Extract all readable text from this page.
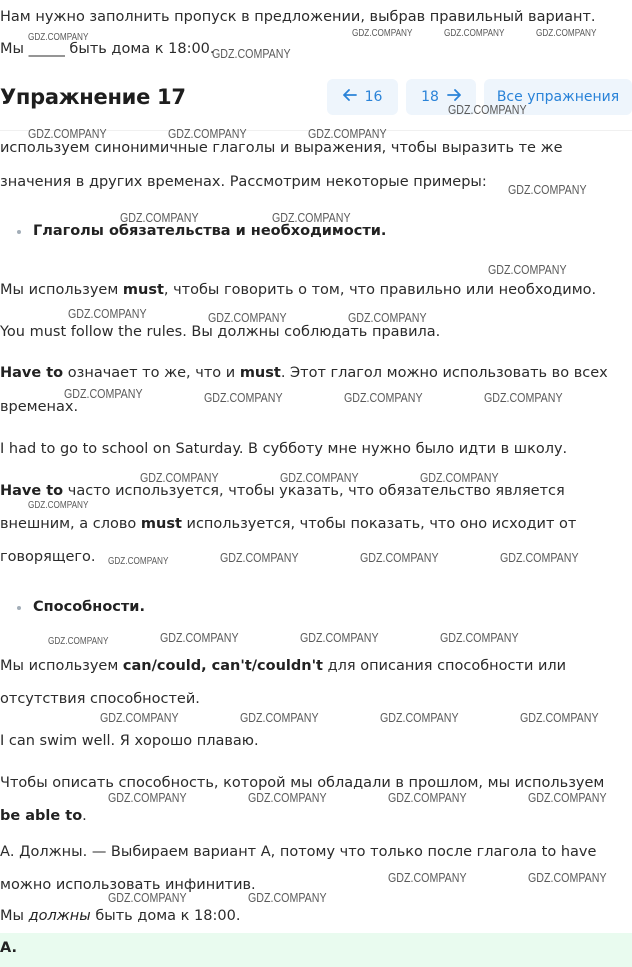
Нам нужно заполнить пропуск в предложении, выбрав правильный вариант.
Мы _____ быть дома к 18:00.
Упражнение 17	16	18	Все упражнения
используем синонимичные глаголы и выражения, чтобы выразить те же
значения в других временах. Рассмотрим некоторые примеры:
Глаголы обязательства и необходимости.
Мы используем must, чтобы говорить о том, что правильно или необходимо.
You must follow the rules. Вы должны соблюдать правила.
Have to означает то же, что и must. Этот глагол можно использовать во всех
временах.
I had to go to school on Saturday. В субботу мне нужно было идти в школу.
Have to часто используется, чтобы указать, что обязательство является
внешним, а слово must используется, чтобы показать, что оно исходит от
говорящего.
Способности.
Мы используем can/could, can't/couldn't для описания способности или
отсутствия способностей.
I can swim well. Я хорошо плаваю.
Чтобы описать способность, которой мы обладали в прошлом, мы используем
be able to.
А. Должны. — Выбираем вариант А, потому что только после глагола to have
можно использовать инфинитив.
Мы должны быть дома к 18:00.
A.
GDZ.COMPANY
GDZ.COMPANY
GDZ.COMPANY	GDZ.COMPANY	GDZ.COMPANY
GDZ.COMPANY
GDZ.COMPANY	GDZ.COMPANY	GDZ.COMPANY
GDZ.COMPANY
GDZ.COMPANY	GDZ.COMPANY
GDZ.COMPANY
GDZ.COMPANY	GDZ.COMPANY	GDZ.COMPANY
GDZ.COMPANY	GDZ.COMPANY	GDZ.COMPANY	GDZ.COMPANY
GDZ.COMPANY	GDZ.COMPANY	GDZ.COMPANY
GDZ.COMPANY
GDZ.COMPANY	GDZ.COMPANY	GDZ.COMPANY	GDZ.COMPANY
GDZ.COMPANY	GDZ.COMPANY	GDZ.COMPANY	GDZ.COMPANY
GDZ.COMPANY	GDZ.COMPANY	GDZ.COMPANY	GDZ.COMPANY
GDZ.COMPANY	GDZ.COMPANY	GDZ.COMPANY	GDZ.COMPANY
GDZ.COMPANY	GDZ.COMPANY
GDZ.COMPANY	GDZ.COMPANY
